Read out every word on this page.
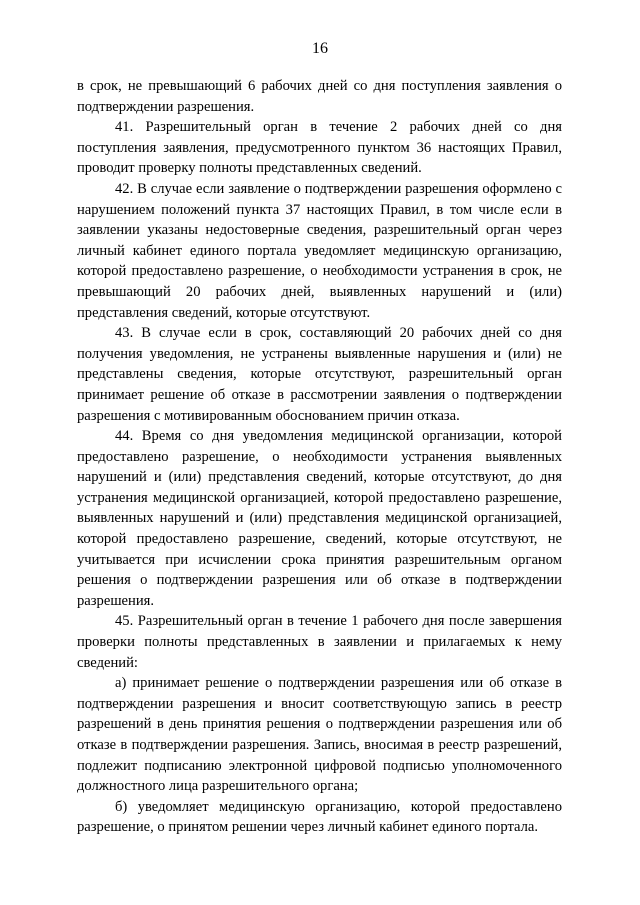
16

в срок, не превышающий 6 рабочих дней со дня поступления заявления о подтверждении разрешения.

41. Разрешительный орган в течение 2 рабочих дней со дня поступления заявления, предусмотренного пунктом 36 настоящих Правил, проводит проверку полноты представленных сведений.

42. В случае если заявление о подтверждении разрешения оформлено с нарушением положений пункта 37 настоящих Правил, в том числе если в заявлении указаны недостоверные сведения, разрешительный орган через личный кабинет единого портала уведомляет медицинскую организацию, которой предоставлено разрешение, о необходимости устранения в срок, не превышающий 20 рабочих дней, выявленных нарушений и (или) представления сведений, которые отсутствуют.

43. В случае если в срок, составляющий 20 рабочих дней со дня получения уведомления, не устранены выявленные нарушения и (или) не представлены сведения, которые отсутствуют, разрешительный орган принимает решение об отказе в рассмотрении заявления о подтверждении разрешения с мотивированным обоснованием причин отказа.

44. Время со дня уведомления медицинской организации, которой предоставлено разрешение, о необходимости устранения выявленных нарушений и (или) представления сведений, которые отсутствуют, до дня устранения медицинской организацией, которой предоставлено разрешение, выявленных нарушений и (или) представления медицинской организацией, которой предоставлено разрешение, сведений, которые отсутствуют, не учитывается при исчислении срока принятия разрешительным органом решения о подтверждении разрешения или об отказе в подтверждении разрешения.

45. Разрешительный орган в течение 1 рабочего дня после завершения проверки полноты представленных в заявлении и прилагаемых к нему сведений:

а) принимает решение о подтверждении разрешения или об отказе в подтверждении разрешения и вносит соответствующую запись в реестр разрешений в день принятия решения о подтверждении разрешения или об отказе в подтверждении разрешения. Запись, вносимая в реестр разрешений, подлежит подписанию электронной цифровой подписью уполномоченного должностного лица разрешительного органа;

б) уведомляет медицинскую организацию, которой предоставлено разрешение, о принятом решении через личный кабинет единого портала.
